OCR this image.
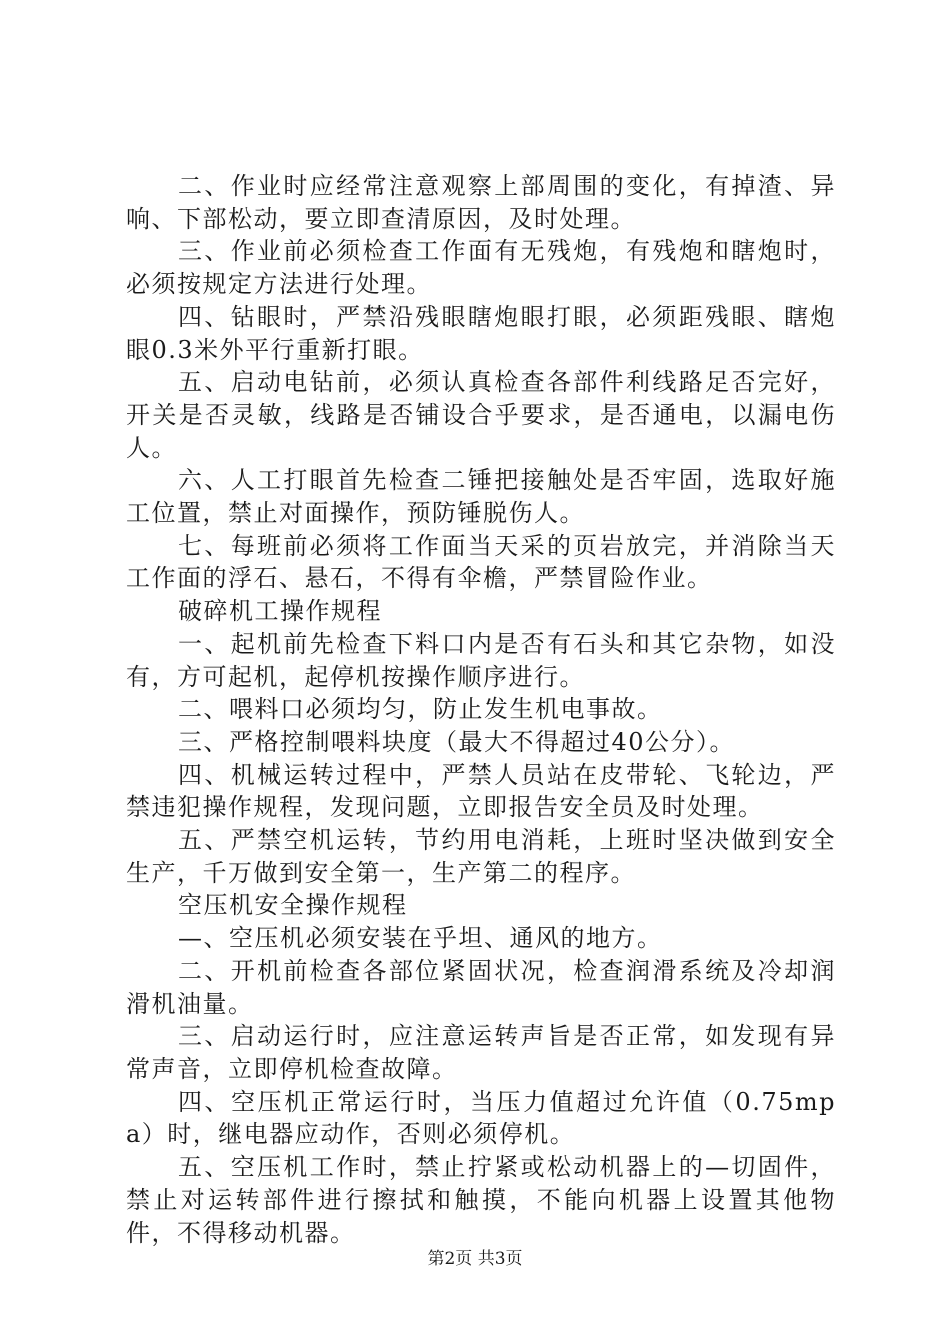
二、作业时应经常注意观察上部周围的变化，有掉渣、异响、下部松动，要立即查清原因，及时处理。

三、作业前必须检查工作面有无残炮，有残炮和瞎炮时，必须按规定方法进行处理。

四、钻眼时，严禁沿残眼瞎炮眼打眼，必须距残眼、瞎炮眼0.3米外平行重新打眼。

五、启动电钻前，必须认真检查各部件利线路足否完好，开关是否灵敏，线路是否铺设合乎要求，是否通电，以漏电伤人。

六、人工打眼首先检查二锤把接触处是否牢固，选取好施工位置，禁止对面操作，预防锤脱伤人。

七、每班前必须将工作面当天采的页岩放完，并消除当天工作面的浮石、悬石，不得有伞檐，严禁冒险作业。

破碎机工操作规程

一、起机前先检查下料口内是否有石头和其它杂物，如没有，方可起机，起停机按操作顺序进行。

二、喂料口必须均匀，防止发生机电事故。

三、严格控制喂料块度（最大不得超过40公分）。

四、机械运转过程中，严禁人员站在皮带轮、飞轮边，严禁违犯操作规程，发现问题，立即报告安全员及时处理。

五、严禁空机运转，节约用电消耗，上班时坚决做到安全生产，千万做到安全第一，生产第二的程序。

空压机安全操作规程

—、空压机必须安装在乎坦、通风的地方。

二、开机前检查各部位紧固状况，检查润滑系统及冷却润滑机油量。

三、启动运行时，应注意运转声旨是否正常，如发现有异常声音，立即停机检查故障。

四、空压机正常运行时，当压力值超过允许值（0.75mpa）时，继电器应动作，否则必须停机。

五、空压机工作时，禁止拧紧或松动机器上的—切固件，禁止对运转部件进行擦拭和触摸，不能向机器上设置其他物件，不得移动机器。

第2页 共3页
